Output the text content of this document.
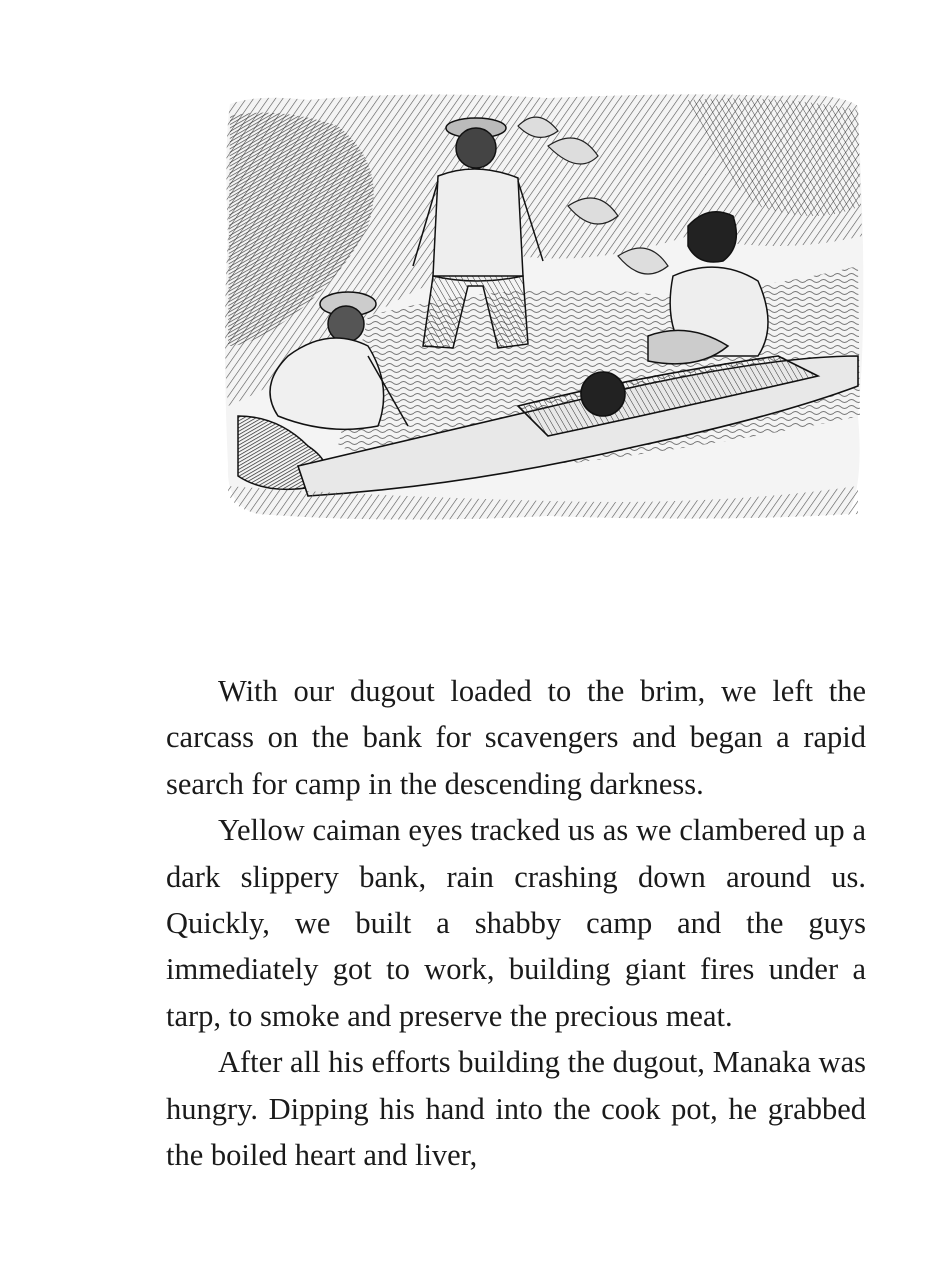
With our dugout loaded to the brim, we left the carcass on the bank for scavengers and began a rapid search for camp in the descending darkness.

Yellow caiman eyes tracked us as we clambered up a dark slippery bank, rain crashing down around us. Quickly, we built a shabby camp and the guys immediately got to work, building giant fires under a tarp, to smoke and preserve the precious meat.

After all his efforts building the dugout, Manaka was hungry. Dipping his hand into the cook pot, he grabbed the boiled heart and liver,
